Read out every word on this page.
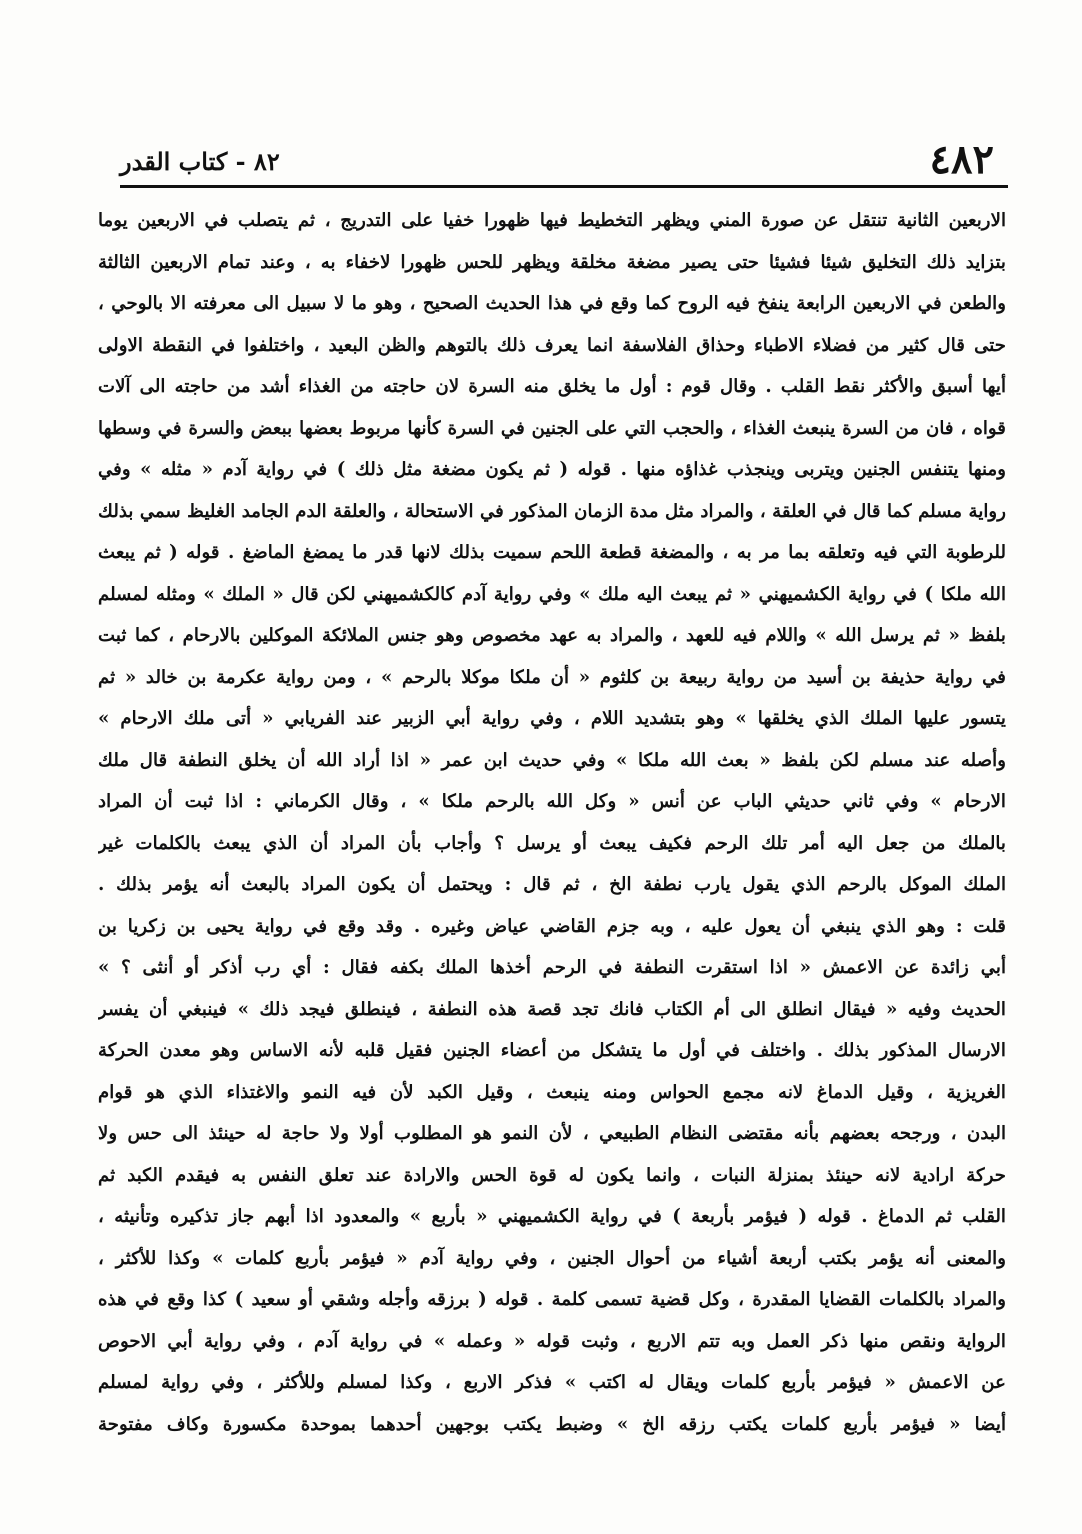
٤٨٢
٨٢ - كتاب القدر
الاربعين الثانية تنتقل عن صورة المني ويظهر التخطيط فيها ظهورا خفيا على التدريج ، ثم يتصلب في الاربعين يوما
بتزايد ذلك التخليق شيئا فشيئا حتى يصير مضغة مخلقة ويظهر للحس ظهورا لاخفاء به ، وعند تمام الاربعين الثالثة
والطعن في الاربعين الرابعة ينفخ فيه الروح كما وقع في هذا الحديث الصحيح ، وهو ما لا سبيل الى معرفته الا بالوحي ،
حتى قال كثير من فضلاء الاطباء وحذاق الفلاسفة انما يعرف ذلك بالتوهم والظن البعيد ، واختلفوا في النقطة الاولى
أيها أسبق والأكثر نقط القلب . وقال قوم : أول ما يخلق منه السرة لان حاجته من الغذاء أشد من حاجته الى آلات
قواه ، فان من السرة ينبعث الغذاء ، والحجب التي على الجنين في السرة كأنها مربوط بعضها ببعض والسرة في وسطها
ومنها يتنفس الجنين ويتربى وينجذب غذاؤه منها . قوله ( ثم يكون مضغة مثل ذلك ) في رواية آدم « مثله » وفي
رواية مسلم كما قال في العلقة ، والمراد مثل مدة الزمان المذكور في الاستحالة ، والعلقة الدم الجامد الغليظ سمي بذلك
للرطوبة التي فيه وتعلقه بما مر به ، والمضغة قطعة اللحم سميت بذلك لانها قدر ما يمضغ الماضغ . قوله ( ثم يبعث
الله ملكا ) في رواية الكشميهني « ثم يبعث اليه ملك » وفي رواية آدم كالكشميهني لكن قال « الملك » ومثله لمسلم
بلفظ « ثم يرسل الله » واللام فيه للعهد ، والمراد به عهد مخصوص وهو جنس الملائكة الموكلين بالارحام ، كما ثبت
في رواية حذيفة بن أسيد من رواية ربيعة بن كلثوم « أن ملكا موكلا بالرحم » ، ومن رواية عكرمة بن خالد « ثم
يتسور عليها الملك الذي يخلقها » وهو بتشديد اللام ، وفي رواية أبي الزبير عند الفريابي « أتى ملك الارحام »
وأصله عند مسلم لكن بلفظ « بعث الله ملكا » وفي حديث ابن عمر « اذا أراد الله أن يخلق النطفة قال ملك
الارحام » وفي ثاني حديثي الباب عن أنس « وكل الله بالرحم ملكا » ، وقال الكرماني : اذا ثبت أن المراد
بالملك من جعل اليه أمر تلك الرحم فكيف يبعث أو يرسل ؟ وأجاب بأن المراد أن الذي يبعث بالكلمات غير
الملك الموكل بالرحم الذي يقول يارب نطفة الخ ، ثم قال : ويحتمل أن يكون المراد بالبعث أنه يؤمر بذلك .
قلت : وهو الذي ينبغي أن يعول عليه ، وبه جزم القاضي عياض وغيره . وقد وقع في رواية يحيى بن زكريا بن
أبي زائدة عن الاعمش « اذا استقرت النطفة في الرحم أخذها الملك بكفه فقال : أي رب أذكر أو أنثى ؟ »
الحديث وفيه « فيقال انطلق الى أم الكتاب فانك تجد قصة هذه النطفة ، فينطلق فيجد ذلك » فينبغي أن يفسر
الارسال المذكور بذلك . واختلف في أول ما يتشكل من أعضاء الجنين فقيل قلبه لأنه الاساس وهو معدن الحركة
الغريزية ، وقيل الدماغ لانه مجمع الحواس ومنه ينبعث ، وقيل الكبد لأن فيه النمو والاغتذاء الذي هو قوام
البدن ، ورجحه بعضهم بأنه مقتضى النظام الطبيعي ، لأن النمو هو المطلوب أولا ولا حاجة له حينئذ الى حس ولا
حركة ارادية لانه حينئذ بمنزلة النبات ، وانما يكون له قوة الحس والارادة عند تعلق النفس به فيقدم الكبد ثم
القلب ثم الدماغ . قوله ( فيؤمر بأربعة ) في رواية الكشميهني « بأربع » والمعدود اذا أبهم جاز تذكيره وتأنيثه ،
والمعنى أنه يؤمر بكتب أربعة أشياء من أحوال الجنين ، وفي رواية آدم « فيؤمر بأربع كلمات » وكذا للأكثر ،
والمراد بالكلمات القضايا المقدرة ، وكل قضية تسمى كلمة . قوله ( برزقه وأجله وشقي أو سعيد ) كذا وقع في هذه
الرواية ونقص منها ذكر العمل وبه تتم الاربع ، وثبت قوله « وعمله » في رواية آدم ، وفي رواية أبي الاحوص
عن الاعمش « فيؤمر بأربع كلمات ويقال له اكتب » فذكر الاربع ، وكذا لمسلم وللأكثر ، وفي رواية لمسلم
أيضا « فيؤمر بأربع كلمات يكتب رزقه الخ » وضبط يكتب بوجهين أحدهما بموحدة مكسورة وكاف مفتوحة
